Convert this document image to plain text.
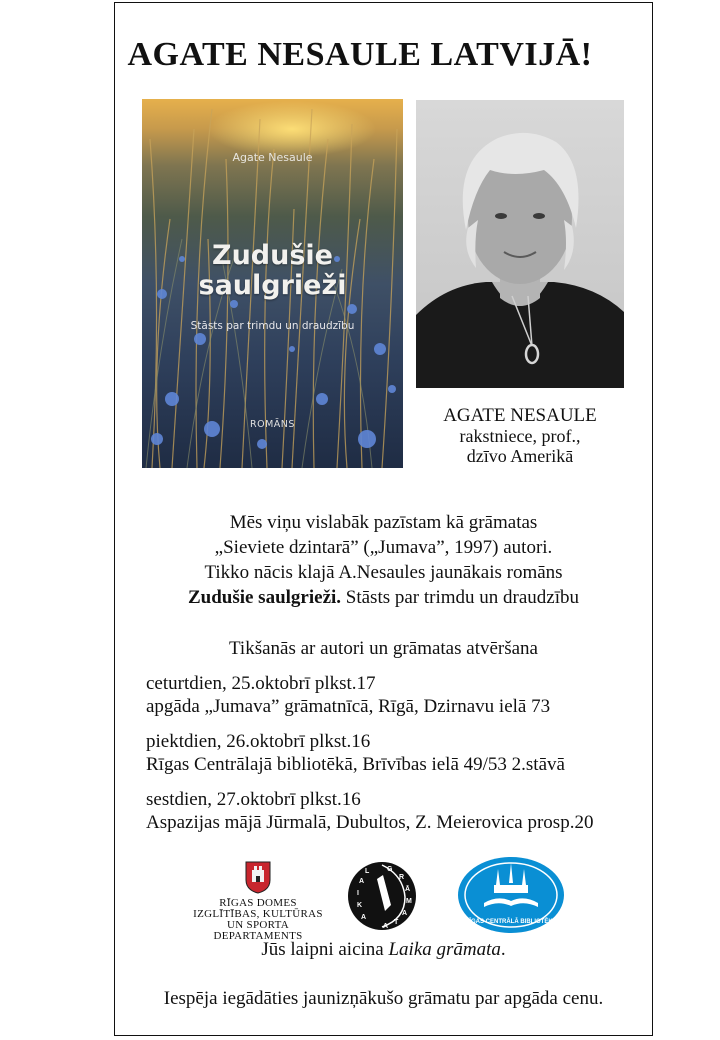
AGATE NESAULE LATVIJĀ!
Agate Nesaule
Zudušie
saulgrieži
Stāsts par trimdu un draudzību
ROMĀNS	AGATE NESAULE
rakstniece, prof.,
dzīvo Amerikā
Mēs viņu vislabāk pazīstam kā grāmatas
„Sieviete dzintarā” („Jumava”, 1997) autori.
Tikko nācis klajā A.Nesaules jaunākais romāns
Zudušie saulgrieži. Stāsts par trimdu un draudzību
Tikšanās ar autori un grāmatas atvēršana
ceturtdien, 25.oktobrī plkst.17
apgāda „Jumava” grāmatnīcā, Rīgā, Dzirnavu ielā 73
piektdien, 26.oktobrī plkst.16
Rīgas Centrālajā bibliotēkā, Brīvības ielā 49/53 2.stāvā
sestdien, 27.oktobrī plkst.16
Aspazijas mājā Jūrmalā, Dubultos, Z. Meierovica prosp.20
RĪGAS DOMES
IZGLĪTĪBAS, KULTŪRAS
UN SPORTA DEPARTAMENTS
A
K
I
A
L	G
R
Ā
M
A
T
A
RĪGAS CENTRĀLĀ BIBLIOTĒKA
Jūs laipni aicina Laika grāmata.
Iespēja iegādāties jaunizņākušo grāmatu par apgāda cenu.
